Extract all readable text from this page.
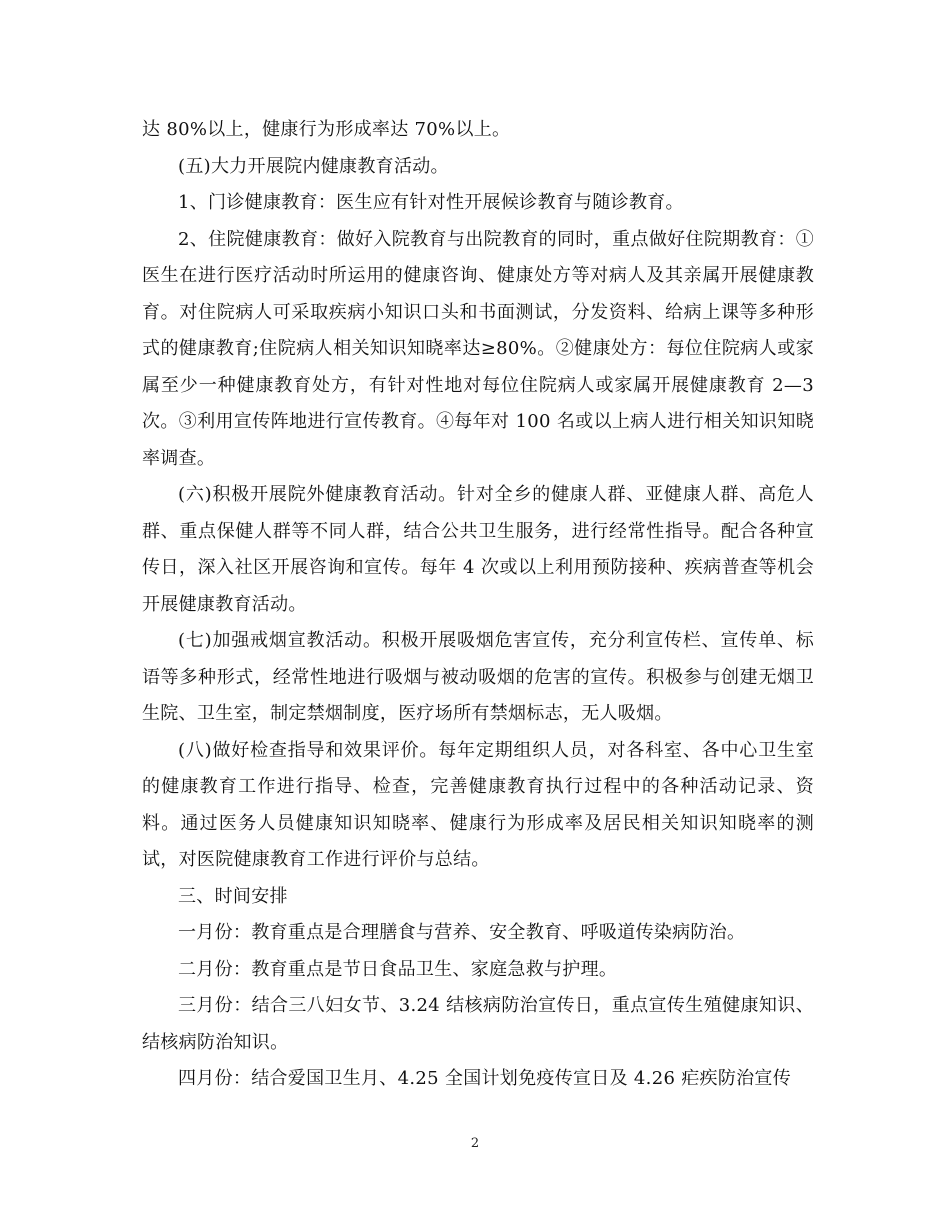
达 80%以上，健康行为形成率达 70%以上。

(五)大力开展院内健康教育活动。

1、门诊健康教育：医生应有针对性开展候诊教育与随诊教育。

2、住院健康教育：做好入院教育与出院教育的同时，重点做好住院期教育：①医生在进行医疗活动时所运用的健康咨询、健康处方等对病人及其亲属开展健康教育。对住院病人可采取疾病小知识口头和书面测试，分发资料、给病上课等多种形式的健康教育;住院病人相关知识知晓率达≥80%。②健康处方：每位住院病人或家属至少一种健康教育处方，有针对性地对每位住院病人或家属开展健康教育 2—3 次。③利用宣传阵地进行宣传教育。④每年对 100 名或以上病人进行相关知识知晓率调查。

(六)积极开展院外健康教育活动。针对全乡的健康人群、亚健康人群、高危人群、重点保健人群等不同人群，结合公共卫生服务，进行经常性指导。配合各种宣传日，深入社区开展咨询和宣传。每年 4 次或以上利用预防接种、疾病普查等机会开展健康教育活动。

(七)加强戒烟宣教活动。积极开展吸烟危害宣传，充分利宣传栏、宣传单、标语等多种形式，经常性地进行吸烟与被动吸烟的危害的宣传。积极参与创建无烟卫生院、卫生室，制定禁烟制度，医疗场所有禁烟标志，无人吸烟。

(八)做好检查指导和效果评价。每年定期组织人员，对各科室、各中心卫生室的健康教育工作进行指导、检查，完善健康教育执行过程中的各种活动记录、资料。通过医务人员健康知识知晓率、健康行为形成率及居民相关知识知晓率的测试，对医院健康教育工作进行评价与总结。

三、时间安排

一月份：教育重点是合理膳食与营养、安全教育、呼吸道传染病防治。

二月份：教育重点是节日食品卫生、家庭急救与护理。

三月份：结合三八妇女节、3.24 结核病防治宣传日，重点宣传生殖健康知识、结核病防治知识。

四月份：结合爱国卫生月、4.25 全国计划免疫传宣日及 4.26 疟疾防治宣传

2
